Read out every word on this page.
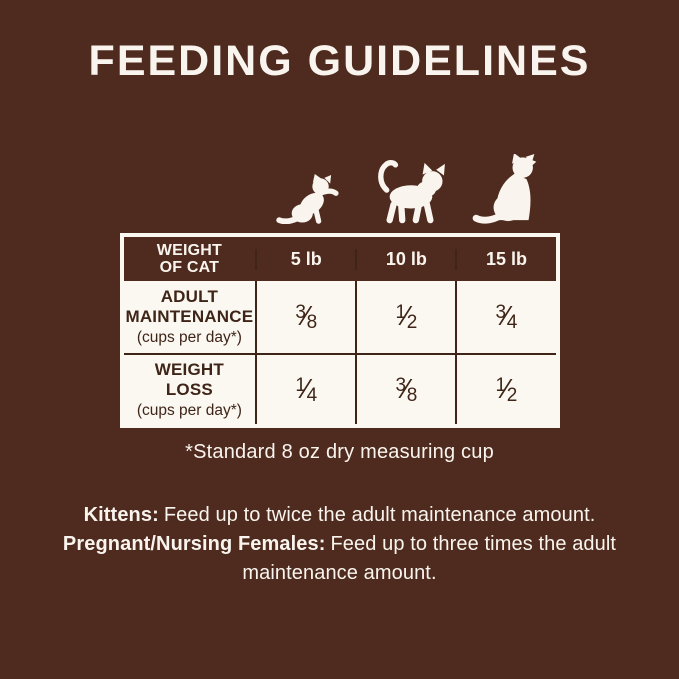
FEEDING GUIDELINES
WEIGHT
OF CAT	5 lb	10 lb	15 lb
ADULT
MAINTENANCE
(cups per day*)
3⁄8	1⁄2	3⁄4
WEIGHT
LOSS
(cups per day*)
1⁄4	3⁄8	1⁄2
*Standard 8 oz dry measuring cup

Kittens: Feed up to twice the adult maintenance amount.

Pregnant/Nursing Females: Feed up to three times the adult maintenance amount.
